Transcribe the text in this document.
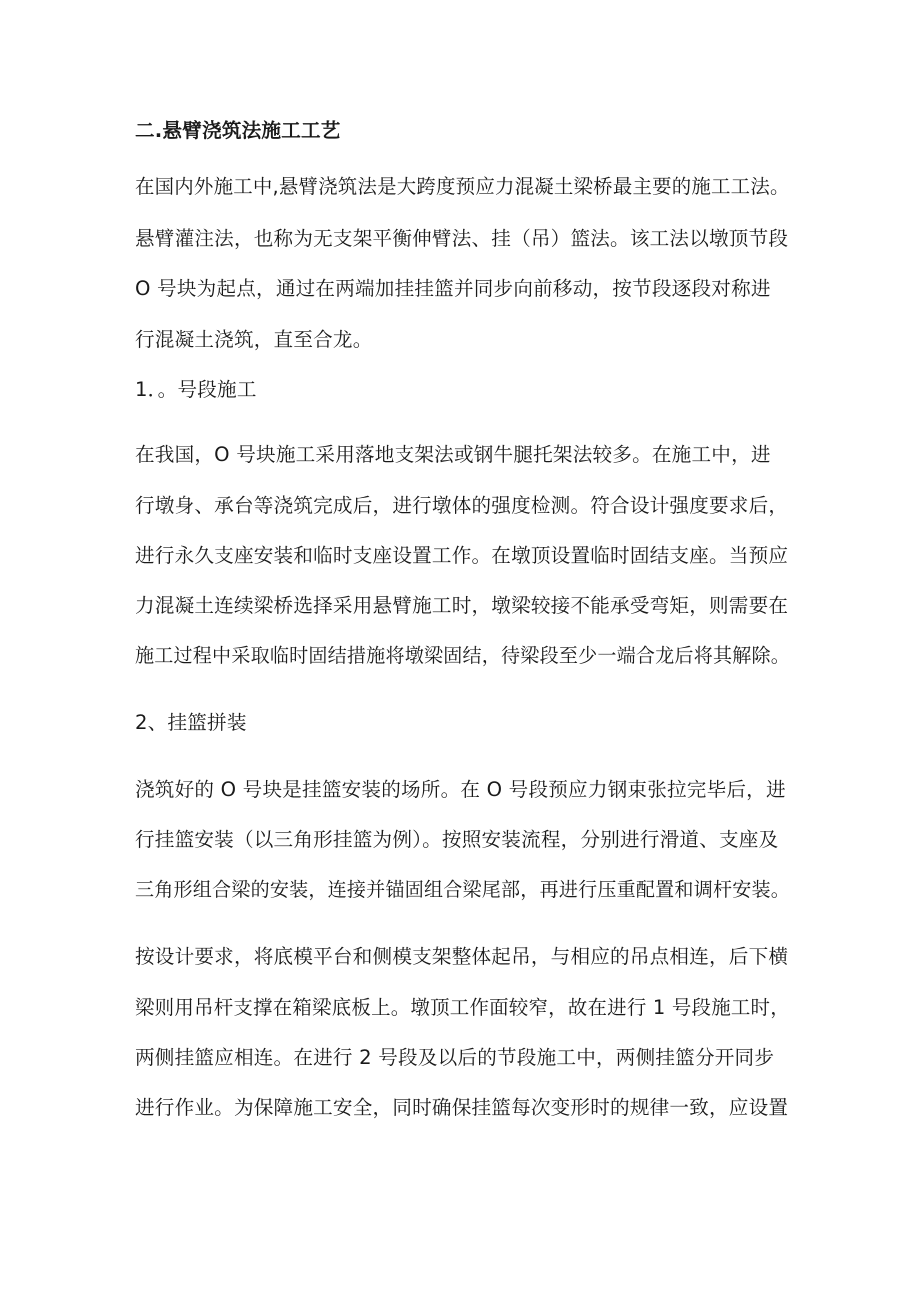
二.悬臂浇筑法施工工艺
在国内外施工中,悬臂浇筑法是大跨度预应力混凝土梁桥最主要的施工工法。
悬臂灌注法，也称为无支架平衡伸臂法、挂（吊）篮法。该工法以墩顶节段
O 号块为起点，通过在两端加挂挂篮并同步向前移动，按节段逐段对称进
行混凝土浇筑，直至合龙。
1．。号段施工
在我国，O 号块施工采用落地支架法或钢牛腿托架法较多。在施工中，进
行墩身、承台等浇筑完成后，进行墩体的强度检测。符合设计强度要求后，
进行永久支座安装和临时支座设置工作。在墩顶设置临时固结支座。当预应
力混凝土连续梁桥选择采用悬臂施工时，墩梁较接不能承受弯矩，则需要在
施工过程中采取临时固结措施将墩梁固结，待梁段至少一端合龙后将其解除。
2、挂篮拼装
浇筑好的 O 号块是挂篮安装的场所。在 O 号段预应力钢束张拉完毕后，进
行挂篮安装（以三角形挂篮为例）。按照安装流程，分别进行滑道、支座及
三角形组合梁的安装，连接并锚固组合梁尾部，再进行压重配置和调杆安装。
按设计要求，将底模平台和侧模支架整体起吊，与相应的吊点相连，后下横
梁则用吊杆支撑在箱梁底板上。墩顶工作面较窄，故在进行 1 号段施工时，
两侧挂篮应相连。在进行 2 号段及以后的节段施工中，两侧挂篮分开同步
进行作业。为保障施工安全，同时确保挂篮每次变形时的规律一致，应设置
